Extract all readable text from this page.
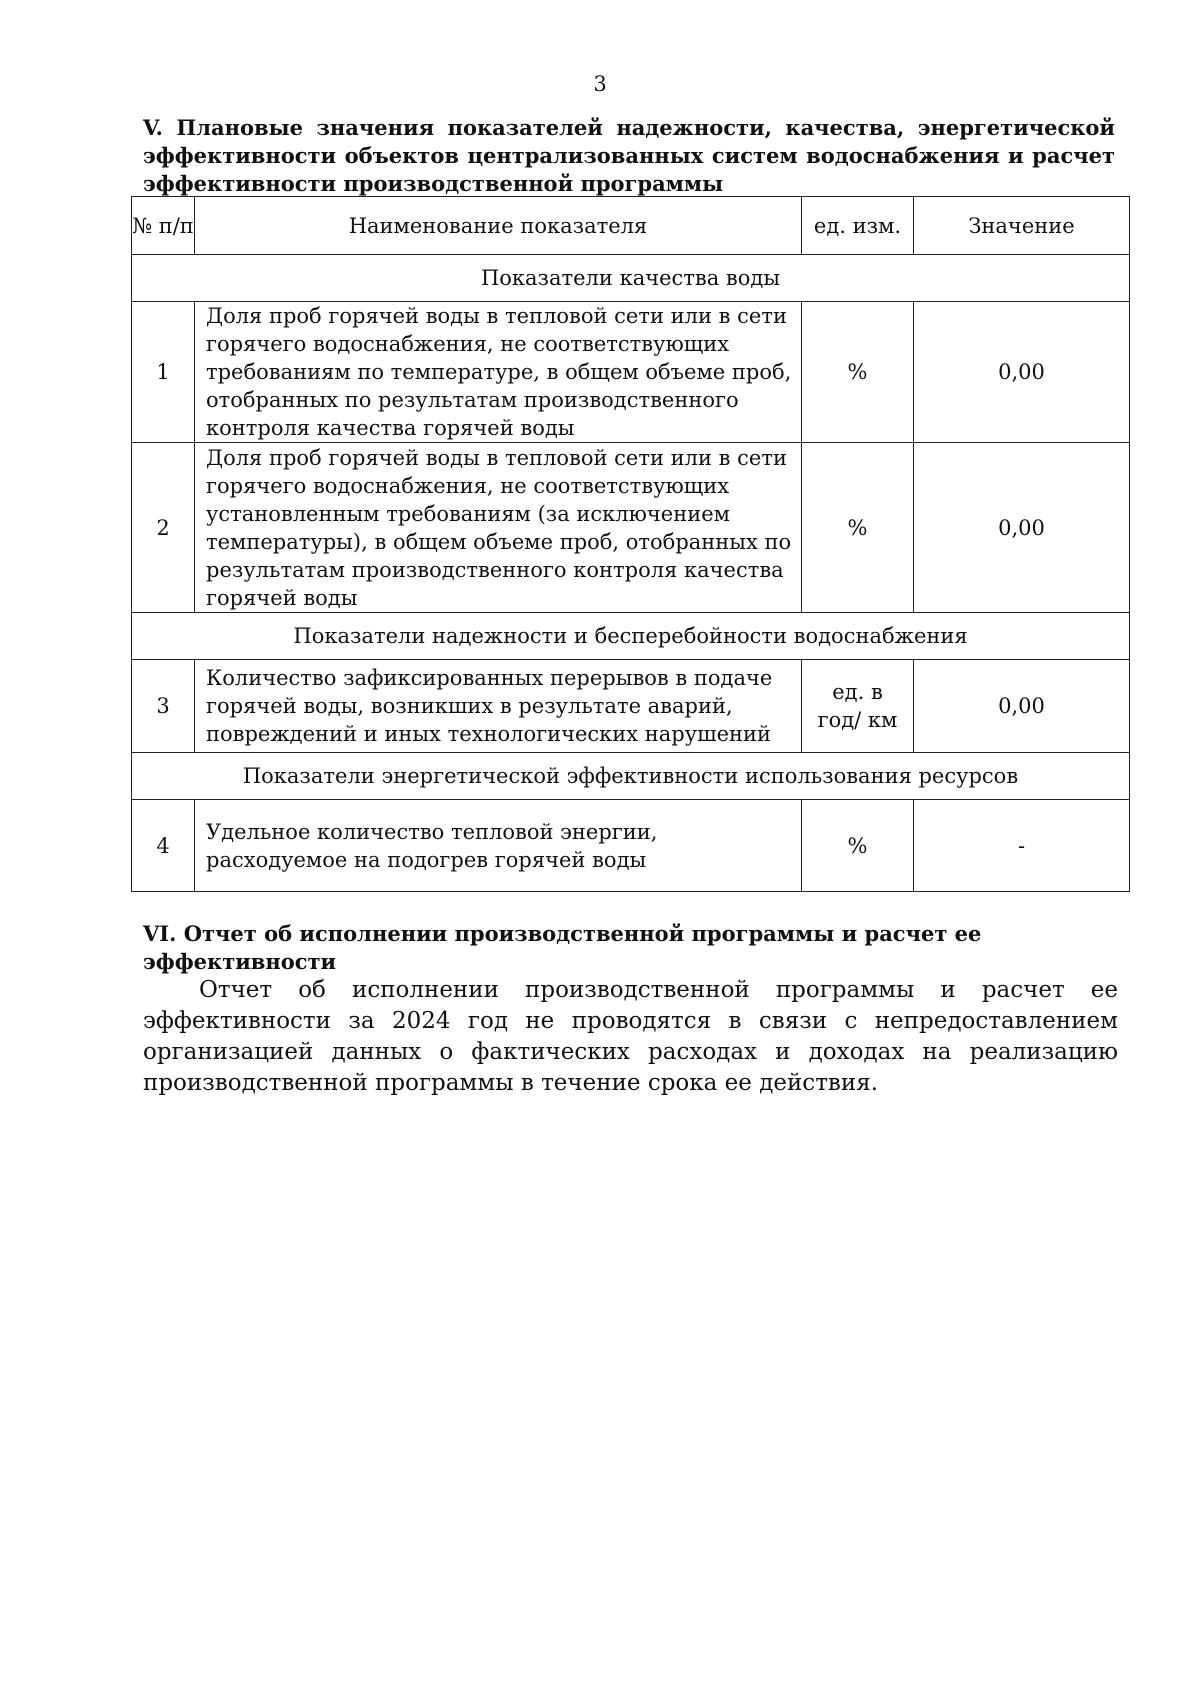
3
V. Плановые значения показателей надежности, качества, энергетической эффективности объектов централизованных систем водоснабжения и расчет эффективности производственной программы
№ п/п	Наименование показателя	ед. изм.	Значение
Показатели качества воды			
1	Доля проб горячей воды в тепловой сети или в сети горячего водоснабжения, не соответствующих требованиям по температуре, в общем объеме проб, отобранных по результатам производственного контроля качества горячей воды	%	0,00
2	Доля проб горячей воды в тепловой сети или в сети горячего водоснабжения, не соответствующих установленным требованиям (за исключением температуры), в общем объеме проб, отобранных по результатам производственного контроля качества горячей воды	%	0,00
Показатели надежности и бесперебойности водоснабжения			
3	Количество зафиксированных перерывов в подаче горячей воды, возникших в результате аварий, повреждений и иных технологических нарушений	ед. в год/ км	0,00
Показатели энергетической эффективности использования ресурсов			
4	Удельное количество тепловой энергии, расходуемое на подогрев горячей воды	%	-
VI. Отчет об исполнении производственной программы и расчет ее эффективности
Отчет об исполнении производственной программы и расчет ее эффективности за 2024 год не проводятся в связи с непредоставлением организацией данных о фактических расходах и доходах на реализацию производственной программы в течение срока ее действия.
